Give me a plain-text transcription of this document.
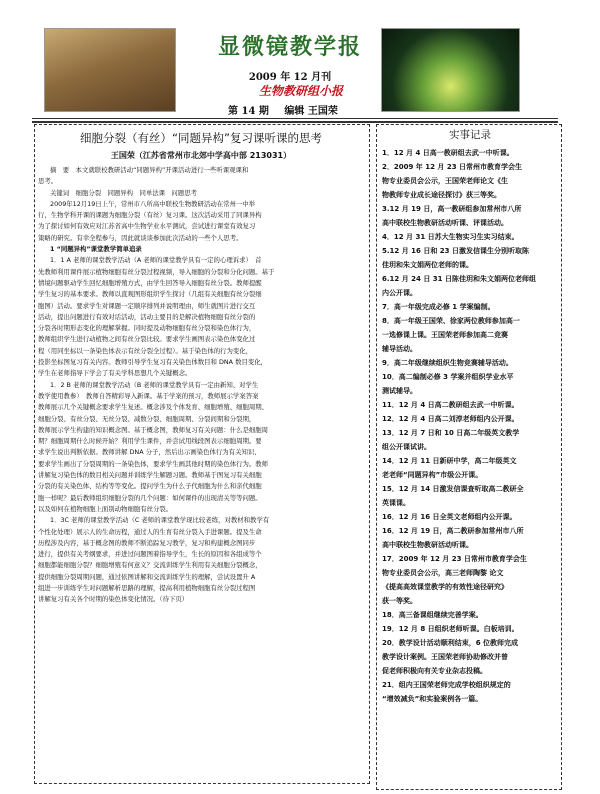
显微镜教学报
2009 年 12 月刊
生物教研组小报
第 14 期 编辑 王国荣
细胞分裂（有丝）“同题异构”复习课听课的思考
王国荣（江苏省常州市北郊中学高中部 213031）
摘　要　本文就联校教研活动“同题异构”开课活动进行一些听课观课和
思考。
关键词　细胞分裂　同题异构　同单法课　问题思考
2009年12月19日上午，常州市八所高中联校生物教研活动在常州一中举
行，生物学科开课的课题为细胞分裂（有丝）复习课。这次活动采用了同课异构
为了探讨如何有效应对江苏省高中生物学业水平测试，尝试进行课堂有效复习
策略的研究。有幸全程参与，因此就谈谈参加此次活动的一些个人思考。
1 “同题异构”课堂教学简单追录
1．1 A 老师的课堂教学活动（A 老师的课堂教学具有一定的心理诉求）　首
先教师利用课件展示植物细胞有丝分裂过程视频，导入细胞的分裂和分化问题。基于
情境问题驱动学生回忆细胞增殖方式，由学生回答导入细胞有丝分裂。教师提醒
学生复习的基本要求。教师以直观图形组织学生探讨（几组有关细胞有丝分裂细
胞图）活动。要求学生对课题一定顺序排列并说明理由，师生就图片进行交互
活动，提出问题进行有效对话活动，活动主要目的是解决植物细胞有丝分裂的
分裂各时期形态变化的理解掌握。同时提及动物细胞有丝分裂和染色体行为，
教师组织学生进行动植物之间有丝分裂比较。要求学生画图表示染色体变化过
程（用同坐标以一条染色体表示有丝分裂全过程）。基于染色体的行为变化，
投影坐标图复习有关内容。教师引导学生复习有关染色体数目和 DNA 数目变化，
学生在老师指导下学会了有关学科思想几个关键概念。
1．2 B 老师的课堂教学活动（B 老师的课堂教学具有一定由新知、对学生
教学使用教参）　教师自答精彩导入新课。基于学案的预习，教师展示学案答案
教师展示几个关键概念要求学生复述。概念涉及个体发育、细胞增殖、细胞周期、
细胞分裂、有丝分裂、无丝分裂、减数分裂、细胞周期、分裂间期和分裂期，
教师展示学生构建的知识概念图。基于概念图，教师复习有关问题：什么是细胞周
期？细胞周期什么时候开始？利用学生课件，并尝试用线段图表示细胞周期。要
求学生说出判断依据。教师讲解 DNA 分子，然后出示画染色体行为有关知识、
要求学生画出了分裂周期的一条染色体，要求学生画其他时期的染色体行为。教师
讲解复习染色体的数目相关问题并训练学生解题习题。教师基于图复习有关细胞
分裂的有关染色体、结构等等变化。提问学生为什么子代细胞为什么和亲代细胞
胞一样呢？最后教师组织细胞分裂的几个问题：如何课件的出现清关等等问题。
以及如何在植物细胞上面别动物细胞有丝分裂。
1．3C 老师的课堂教学活动（C 老师的课堂教学现比较老练，对教材和教学有
个性化处理）展示人的生命历程，通过人的生育有丝分裂入手进课题。提及生命
历程涉及内容，基于概念图的教师不断追踪复习教学，复习和构建概念图同步
进行，提供有关考纲要求，并进过问题图着指导学生，生长的原因和各组成等个
细胞都能细胞分裂？细胞增殖有何意义？交流训练学生利用有关细胞分裂概念，
提供细胞分裂周期问题，通过依图讲解和交流训练学生的理解，尝试设置升 A
组进一步训练学生对问题解析思路的理解，提高利用植物细胞有丝分裂过程图
讲解复习有关各个时期的染色体变化情况。（待下页）
实事记录
1．12 月 4 日高一教研组去武一中听课。
2．2009 年 12 月 23 日常州市教育学会生
物专业委员会公示，王国荣老师论文《生
物教师专业成长途径探讨》获三等奖。
3.12 月 19 日，高一教研组参加常州市八所
高中联校生物教研活动听课、评课活动。
4．12 月 31 日苏大生物实习生实习结束。
5.12 月 16 日和 23 日激发信课生分别听取陈
佳玥和朱文娟两位老师的课。
6.12 月 24 日 31 日陈佳玥和朱文娟两位老师组
内公开课。
7．高一年级完成必修 1 学案编制。
8．高一年级王国荣、徐家两位教师参加高一
一选修课上课。王国荣老师参加高二竞赛
辅导活动。
9．高二年级继续组织生物竞赛辅导活动。
10．高二编制必修 3 学案并组织学业水平
测试辅导。
11．12 月 4 日高二教研组去武一中听课。
12．12 月 4 日高二刘淳老师组内公开课。
13．12 月 7 日和 10 日高二年级英文教学
组公开课试讲。
14．12 月 11 日新研中学，高二年级英文
老老师“同题异构”市级公开课。
15．12 月 14 日激发信课查听取高二教研全
英课课。
16．12 月 16 日全英文老师组内公开课。
16．12 月 19 日，高二教研参加常州市八所
高中联校生物教研活动听课。
17．2009 年 12 月 23 日常州市教育学会生
物专业委员会公示，高三老师陶黎 论文
《提高高效课堂教学的有效性途径研究》
获一等奖。
18．高三备课组继续完善学案。
19．12 月 8 日组织老师听课。白板培训。
20．教学设计活动顺利结束，6 位教师完成
教学设计案例。王国荣老师协助修改并曾
促老师积极向有关专业杂志投稿。
21．组内王国荣老师完成学校组织规定的
“增效减负”和实验案例各一篇。
